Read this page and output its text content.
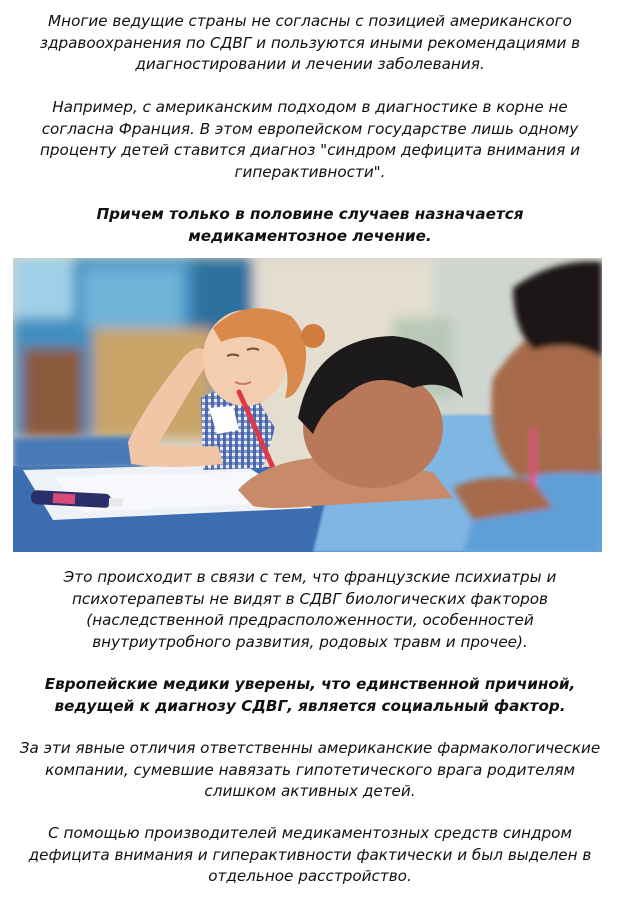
Многие ведущие страны не согласны с позицией американского здравоохранения по СДВГ и пользуются иными рекомендациями в диагностировании и лечении заболевания.

Например, с американским подходом в диагностике в корне не согласна Франция. В этом европейском государстве лишь одному проценту детей ставится диагноз "синдром дефицита внимания и гиперактивности".

Причем только в половине случаев назначается медикаментозное лечение.

Это происходит в связи с тем, что французские психиатры и психотерапевты не видят в СДВГ биологических факторов (наследственной предрасположенности, особенностей внутриутробного развития, родовых травм и прочее).

Европейские медики уверены, что единственной причиной, ведущей к диагнозу СДВГ, является социальный фактор.

За эти явные отличия ответственны американские фармакологические компании, сумевшие навязать гипотетического врага родителям слишком активных детей.

С помощью производителей медикаментозных средств синдром дефицита внимания и гиперактивности фактически и был выделен в отдельное расстройство.
